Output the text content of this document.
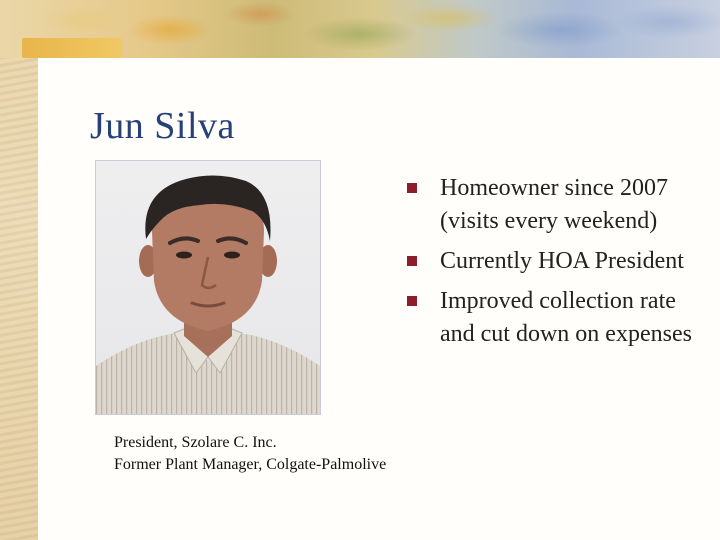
Jun Silva
Homeowner since 2007 (visits every weekend)
Currently HOA President
Improved collection rate and cut down on expenses
President, Szolare C. Inc.
Former Plant Manager, Colgate-Palmolive
